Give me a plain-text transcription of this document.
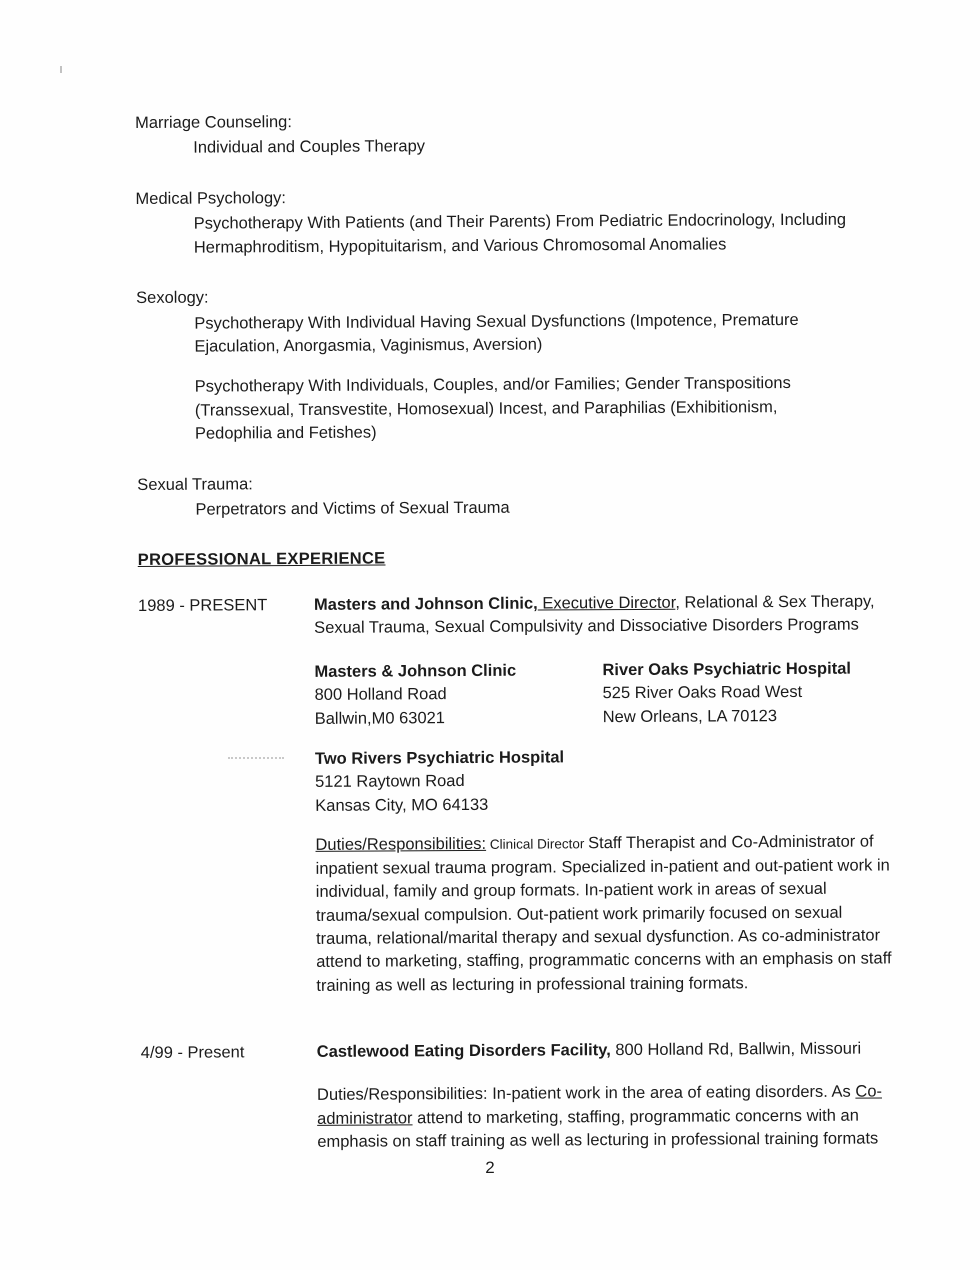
Marriage Counseling:

Individual and Couples Therapy

Medical Psychology:

Psychotherapy With Patients (and Their Parents) From Pediatric Endocrinology, Including Hermaphroditism, Hypopituitarism, and Various Chromosomal Anomalies

Sexology:

Psychotherapy With Individual Having Sexual Dysfunctions (Impotence, Premature Ejaculation, Anorgasmia, Vaginismus, Aversion)

Psychotherapy With Individuals, Couples, and/or Families; Gender Transpositions (Transsexual, Transvestite, Homosexual) Incest, and Paraphilias (Exhibitionism, Pedophilia and Fetishes)

Sexual Trauma:

Perpetrators and Victims of Sexual Trauma

PROFESSIONAL EXPERIENCE
1989 - PRESENT	Masters and Johnson Clinic, Executive Director, Relational & Sex Therapy, Sexual Trauma, Sexual Compulsivity and Dissociative Disorders Programs
Masters & Johnson Clinic
800 Holland Road
Ballwin,M0 63021
River Oaks Psychiatric Hospital
525 River Oaks Road West
New Orleans, LA 70123
Two Rivers Psychiatric Hospital
5121 Raytown Road
Kansas City, MO 64133

Duties/Responsibilities: Clinical Director Staff Therapist and Co-Administrator of inpatient sexual trauma program. Specialized in-patient and out-patient work in individual, family and group formats. In-patient work in areas of sexual trauma/sexual compulsion. Out-patient work primarily focused on sexual trauma, relational/marital therapy and sexual dysfunction. As co-administrator attend to marketing, staffing, programmatic concerns with an emphasis on staff training as well as lecturing in professional training formats.

4/99 - Present	Castlewood Eating Disorders Facility, 800 Holland Rd, Ballwin, Missouri

Duties/Responsibilities: In-patient work in the area of eating disorders. As Co-administrator attend to marketing, staffing, programmatic concerns with an emphasis on staff training as well as lecturing in professional training formats

2
